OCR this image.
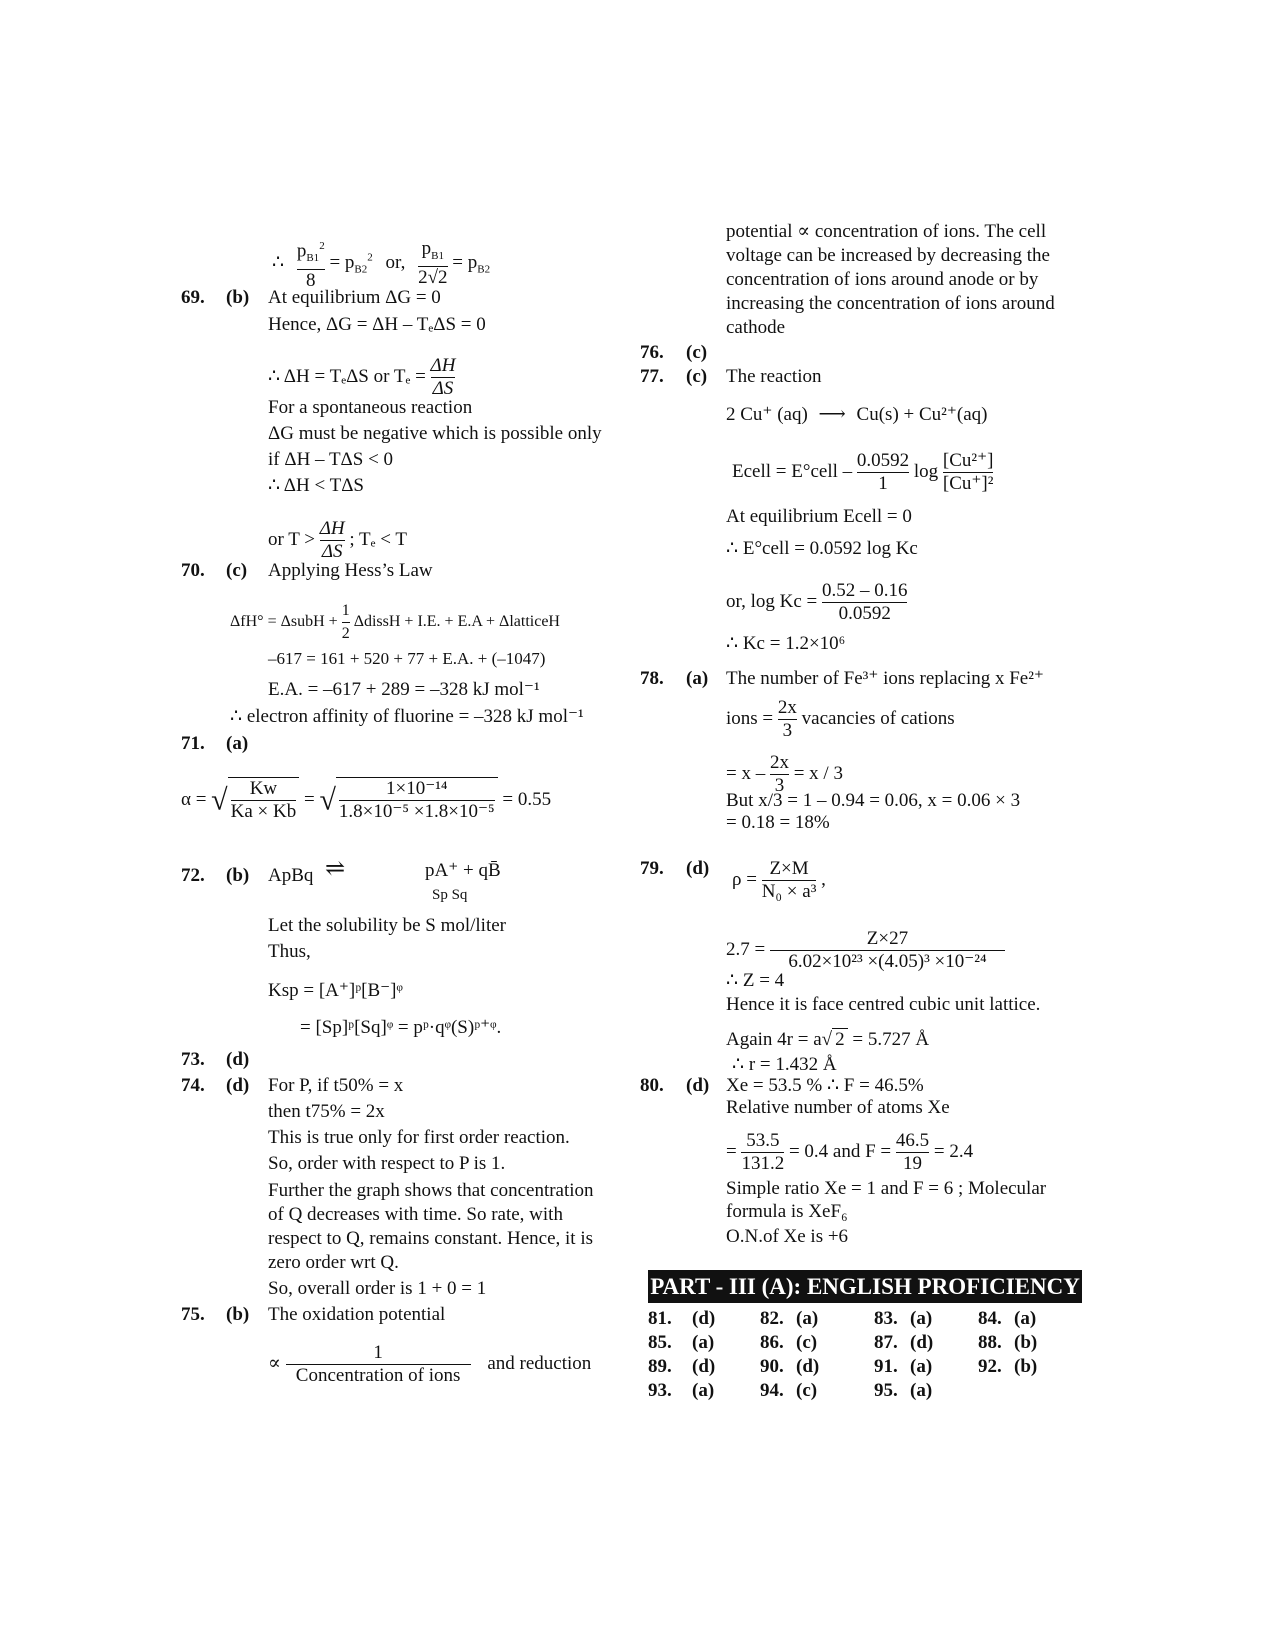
∴ $\frac{p_{B1}^2}{8} = p_{B2}^2$ or, $\frac{p_{B1}}{2√2} = p_{B2}$
69. (b) At equilibrium ΔG = 0
Hence, ΔG = ΔH – TₑΔS = 0
∴ ΔH = TₑΔS or $T_e = \frac{\Delta H}{\Delta S}$
For a spontaneous reaction
ΔG must be negative which is possible only
if ΔH – TΔS < 0
∴ ΔH < TΔS
or $T > \frac{\Delta H}{\Delta S}$ ; Tₑ < T
70. (c) Applying Hess’s Law
ΔfH° = ΔsubH + $\frac{1}{2}$ ΔdissH + I.E. + E.A + ΔlatticeH
–617 = 161 + 520 + 77 + E.A. + (–1047)
E.A. = –617 + 289 = –328 kJ mol⁻¹
∴ electron affinity of fluorine = –328 kJ mol⁻¹
71. (a)
α = √ $\frac{Kw}{Ka \times Kb}$ = √ $\frac{\text{1×10⁻¹⁴}}{\text{1.8×10⁻⁵ ×1.8×10⁻⁵}} = 0.55$
72. (b) ApBq ⇌	pA⁺ + qB̄
Sp Sq
Let the solubility be S mol/liter
Thus,
Ksp = [A⁺]ᵖ[B⁻]ᵠ
= [Sp]ᵖ[Sq]ᵠ = pᵖ·qᵠ(S)ᵖ⁺ᵠ.
73. (d)
74. (d) For P, if t50% = x
then t75% = 2x
This is true only for first order reaction.
So, order with respect to P is 1.
Further the graph shows that concentration
of Q decreases with time. So rate, with
respect to Q, remains constant. Hence, it is
zero order wrt Q.
So, overall order is 1 + 0 = 1
75. (b) The oxidation potential
∝ $\frac{1}{\text{Concentration of ions}}$ and reduction
potential ∝ concentration of ions. The cell
voltage can be increased by decreasing the
concentration of ions around anode or by
increasing the concentration of ions around
cathode
76. (c)
77. (c) The reaction
2 Cu⁺ (aq) ⟶ Cu(s) + Cu²⁺(aq)
Ecell = E°cell – $\frac{0.0592}{1}$ $\log \frac{\text{[Cu²⁺]}}{\text{[Cu⁺]²}}$
At equilibrium Ecell = 0
∴ E°cell = 0.0592 log Kc
or, $\log Kc = \frac{0.52 - 0.16}{0.0592}$
∴ Kc = 1.2×10⁶
78. (a) The number of Fe³⁺ ions replacing x Fe²⁺
ions = $\frac{2x}{3}$ vacancies of cations
= $x - \frac{2x}{3} = x / 3$
But x/3 = 1 – 0.94 = 0.06, x = 0.06 × 3
= 0.18 = 18%
79. (d)
$\rho = \frac{Z\times M}{\text{N₀ × a³}}$ ,
$2.7 = \frac{Z\times 27}{\text{6.02×10²³ ×(4.05)³ ×10⁻²⁴}}$
∴ Z = 4
Hence it is face centred cubic unit lattice.
Again 4r = a√ 2 = 5.727 Å
∴ r = 1.432 Å
80. (d) Xe = 53.5 % ∴ F = 46.5%
Relative number of atoms Xe
= $\frac{53.5}{131.2} = 0.4$ and $F = \frac{46.5}{19} = 2.4$
Simple ratio Xe = 1 and F = 6 ; Molecular
formula is XeF₆
O.N.of Xe is +6
PART - III (A): ENGLISH PROFICIENCY
81. (d) 82. (a)	83. (a) 84. (a)
85. (a) 86. (c)	87. (d) 88. (b)
89. (d) 90. (d)	91. (a) 92. (b)
93. (a) 94. (c)	95. (a)
